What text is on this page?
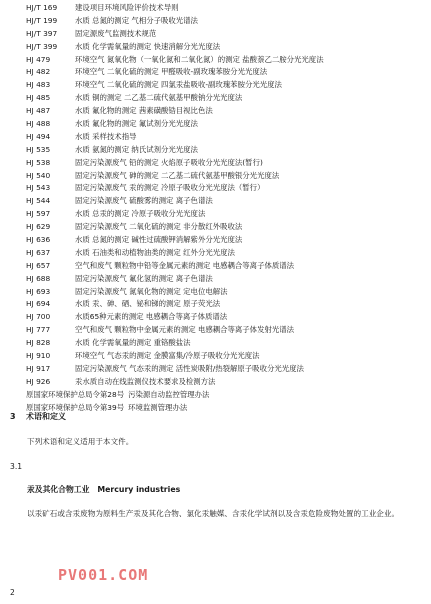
HJ/T 169 建设项目环境风险评价技术导则
HJ/T 199 水质 总氮的测定 气相分子吸收光谱法
HJ/T 397 固定源废气监测技术规范
HJ/T 399 水质 化学需氧量的测定 快速消解分光光度法
HJ 479	环境空气 氮氧化物（一氧化氮和二氧化氮）的测定 盐酸萘乙二胺分光光度法
HJ 482	环境空气 二氧化硫的测定 甲醛吸收-副玫瑰苯胺分光光度法
HJ 483	环境空气 二氧化硫的测定 四氯汞盐吸收-副玫瑰苯胺分光光度法
HJ 485	水质 铜的测定 二乙基二硫代氨基甲酸钠分光光度法
HJ 487	水质 氟化物的测定 茜素磺酸锆目视比色法
HJ 488	水质 氟化物的测定 氟试剂分光光度法
HJ 494	水质 采样技术指导
HJ 535	水质 氨氮的测定 纳氏试剂分光光度法
HJ 538	固定污染源废气 铅的测定 火焰原子吸收分光光度法(暂行)
HJ 540	固定污染源废气 砷的测定 二乙基二硫代氨基甲酸银分光光度法
HJ 543	固定污染源废气 汞的测定 冷原子吸收分光光度法（暂行）
HJ 544	固定污染源废气 硫酸雾的测定 离子色谱法
HJ 597	水质 总汞的测定 冷原子吸收分光光度法
HJ 629	固定污染源废气 二氧化硫的测定 非分散红外吸收法
HJ 636	水质 总氮的测定 碱性过硫酸钾消解紫外分光光度法
HJ 637	水质 石油类和动植物油类的测定 红外分光光度法
HJ 657	空气和废气 颗粒物中铅等金属元素的测定 电感耦合等离子体质谱法
HJ 688	固定污染源废气 氟化氢的测定 离子色谱法
HJ 693	固定污染源废气 氮氧化物的测定 定电位电解法
HJ 694	水质 汞、砷、硒、铋和锑的测定 原子荧光法
HJ 700	水质65种元素的测定 电感耦合等离子体质谱法
HJ 777	空气和废气 颗粒物中金属元素的测定 电感耦合等离子体发射光谱法
HJ 828	水质 化学需氧量的测定 重铬酸盐法
HJ 910	环境空气 气态汞的测定 金膜富集/冷原子吸收分光光度法
HJ 917	固定污染源废气 气态汞的测定 活性炭吸附/热裂解原子吸收分光光度法
HJ 926	汞水质自动在线监测仪技术要求及检测方法
原国家环境保护总局令第28号 污染源自动监控管理办法
原国家环境保护总局令第39号 环境监测管理办法
3 术语和定义
下列术语和定义适用于本文件。
3.1
汞及其化合物工业 Mercury industries
以汞矿石或含汞废物为原料生产汞及其化合物、氯化汞触媒、含汞化学试剂以及含汞危险废物处置的工业企业。
PV001.COM
2
